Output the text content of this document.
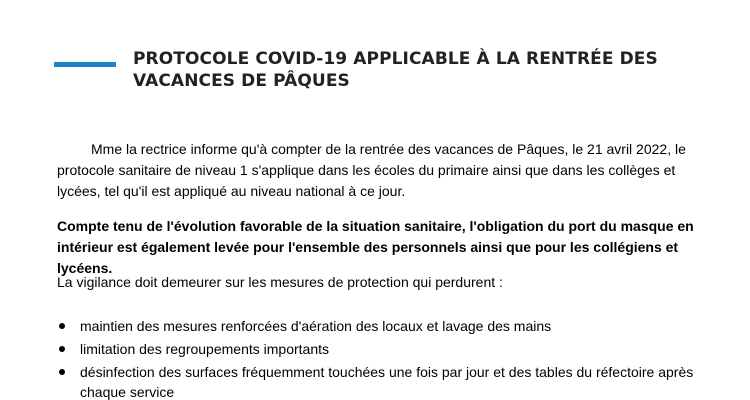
PROTOCOLE COVID-19 APPLICABLE À LA RENTRÉE DES VACANCES DE PÂQUES

Mme la rectrice informe qu'à compter de la rentrée des vacances de Pâques, le 21 avril 2022, le protocole sanitaire de niveau 1 s'applique dans les écoles du primaire ainsi que dans les collèges et lycées, tel qu'il est appliqué au niveau national à ce jour.

Compte tenu de l'évolution favorable de la situation sanitaire, l'obligation du port du masque en intérieur est également levée pour l'ensemble des personnels ainsi que pour les collégiens et lycéens.

La vigilance doit demeurer sur les mesures de protection qui perdurent :

maintien des mesures renforcées d'aération des locaux et lavage des mains
limitation des regroupements importants
désinfection des surfaces fréquemment touchées une fois par jour et des tables du réfectoire après chaque service
